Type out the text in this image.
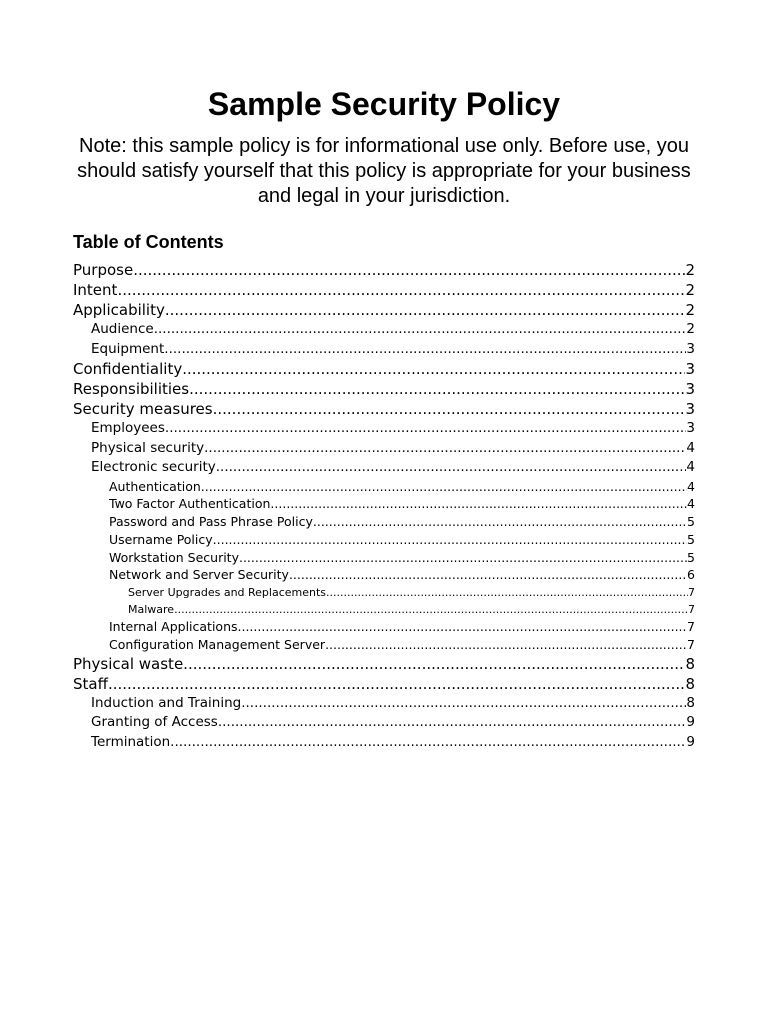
Sample Security Policy

Note: this sample policy is for informational use only. Before use, you should satisfy yourself that this policy is appropriate for your business and legal in your jurisdiction.

Table of Contents
Purpose .....	2
Intent .....	2
Applicability .....	2
Audience .....	2
Equipment .....	3
Confidentiality .....	3
Responsibilities .....	3
Security measures .....	3
Employees .....	3
Physical security .....	4
Electronic security .....	4
Authentication .....	4
Two Factor Authentication .....	4
Password and Pass Phrase Policy .....	5
Username Policy .....	5
Workstation Security .....	5
Network and Server Security .....	6
Server Upgrades and Replacements .....	7
Malware .....	7
Internal Applications .....	7
Configuration Management Server .....	7
Physical waste .....	8
Staff .....	8
Induction and Training .....	8
Granting of Access .....	9
Termination .....	9
